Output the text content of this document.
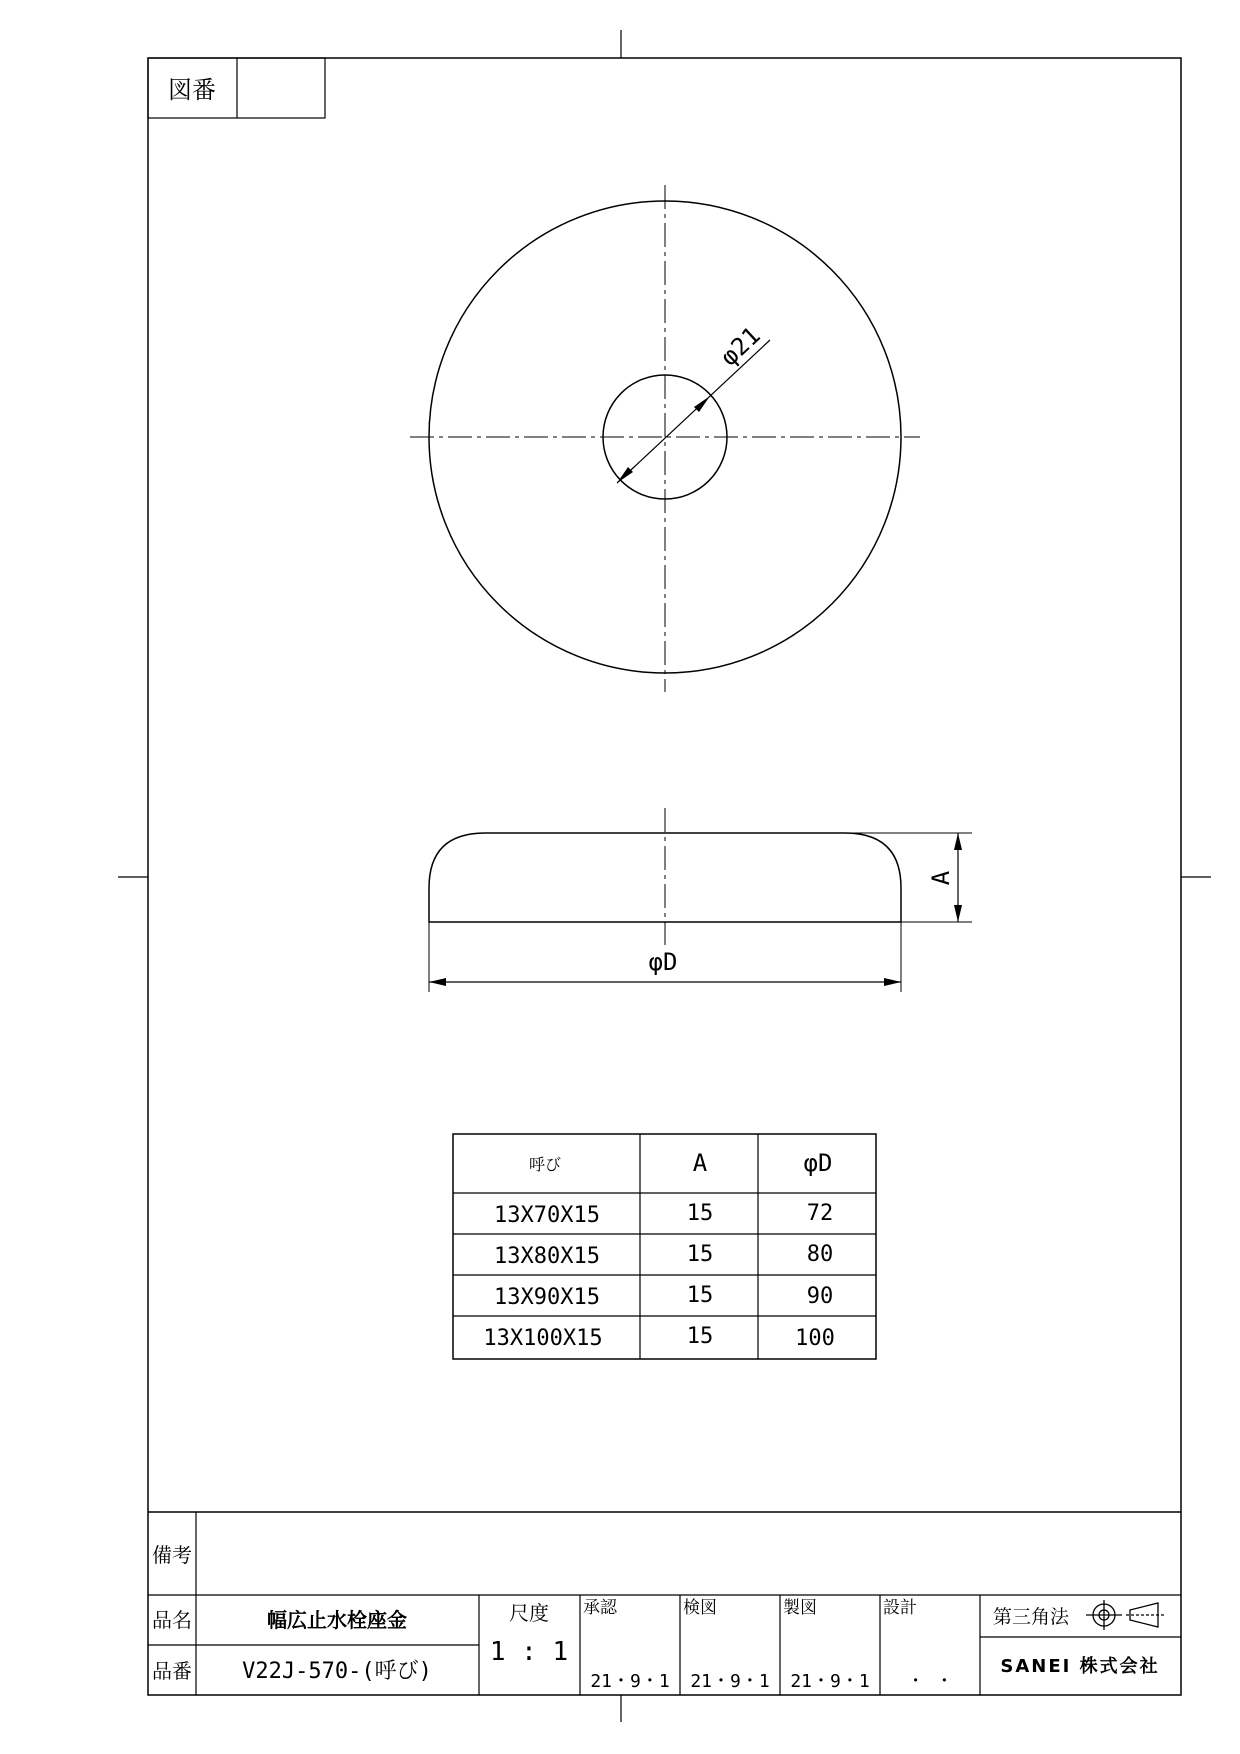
図番
φ21
A
φD
呼び	A	φD
13X70X15	15	72
13X80X15	15	80
13X90X15	15	90
13X100X15	15	100
備考
品名	幅広止水栓座金
品番 V22J-570-(呼び)
尺度
1 : 1
承認
21・9・1
検図
21・9・1
製図
21・9・1
設計
・ ・
第三角法
SANEI 株式会社
